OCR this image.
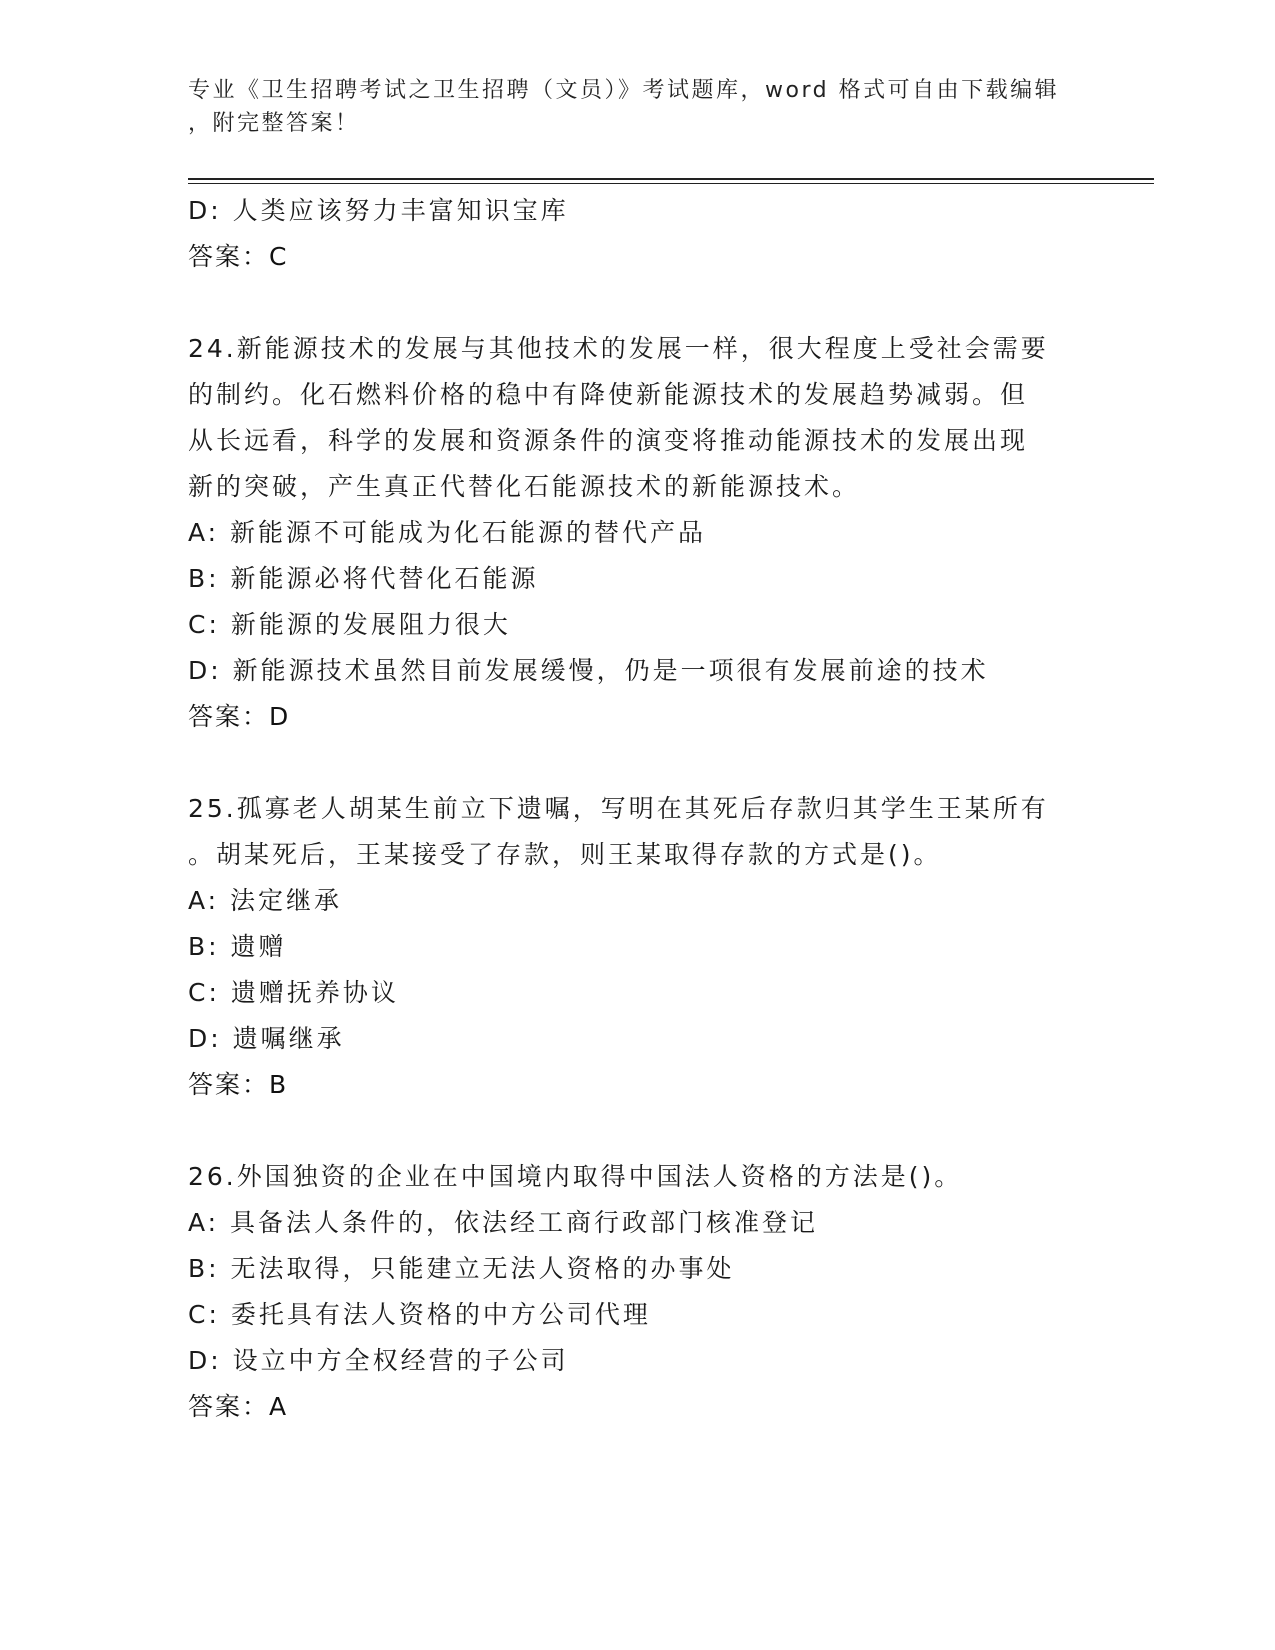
专业《卫生招聘考试之卫生招聘（文员）》考试题库，word 格式可自由下载编辑
，附完整答案！
D: 人类应该努力丰富知识宝库
答案：C
24.新能源技术的发展与其他技术的发展一样，很大程度上受社会需要
的制约。化石燃料价格的稳中有降使新能源技术的发展趋势减弱。但
从长远看，科学的发展和资源条件的演变将推动能源技术的发展出现
新的突破，产生真正代替化石能源技术的新能源技术。
A: 新能源不可能成为化石能源的替代产品
B: 新能源必将代替化石能源
C: 新能源的发展阻力很大
D: 新能源技术虽然目前发展缓慢，仍是一项很有发展前途的技术
答案：D
25.孤寡老人胡某生前立下遗嘱，写明在其死后存款归其学生王某所有
。胡某死后，王某接受了存款，则王某取得存款的方式是()。
A: 法定继承
B: 遗赠
C: 遗赠抚养协议
D: 遗嘱继承
答案：B
26.外国独资的企业在中国境内取得中国法人资格的方法是()。
A: 具备法人条件的，依法经工商行政部门核准登记
B: 无法取得，只能建立无法人资格的办事处
C: 委托具有法人资格的中方公司代理
D: 设立中方全权经营的子公司
答案：A
